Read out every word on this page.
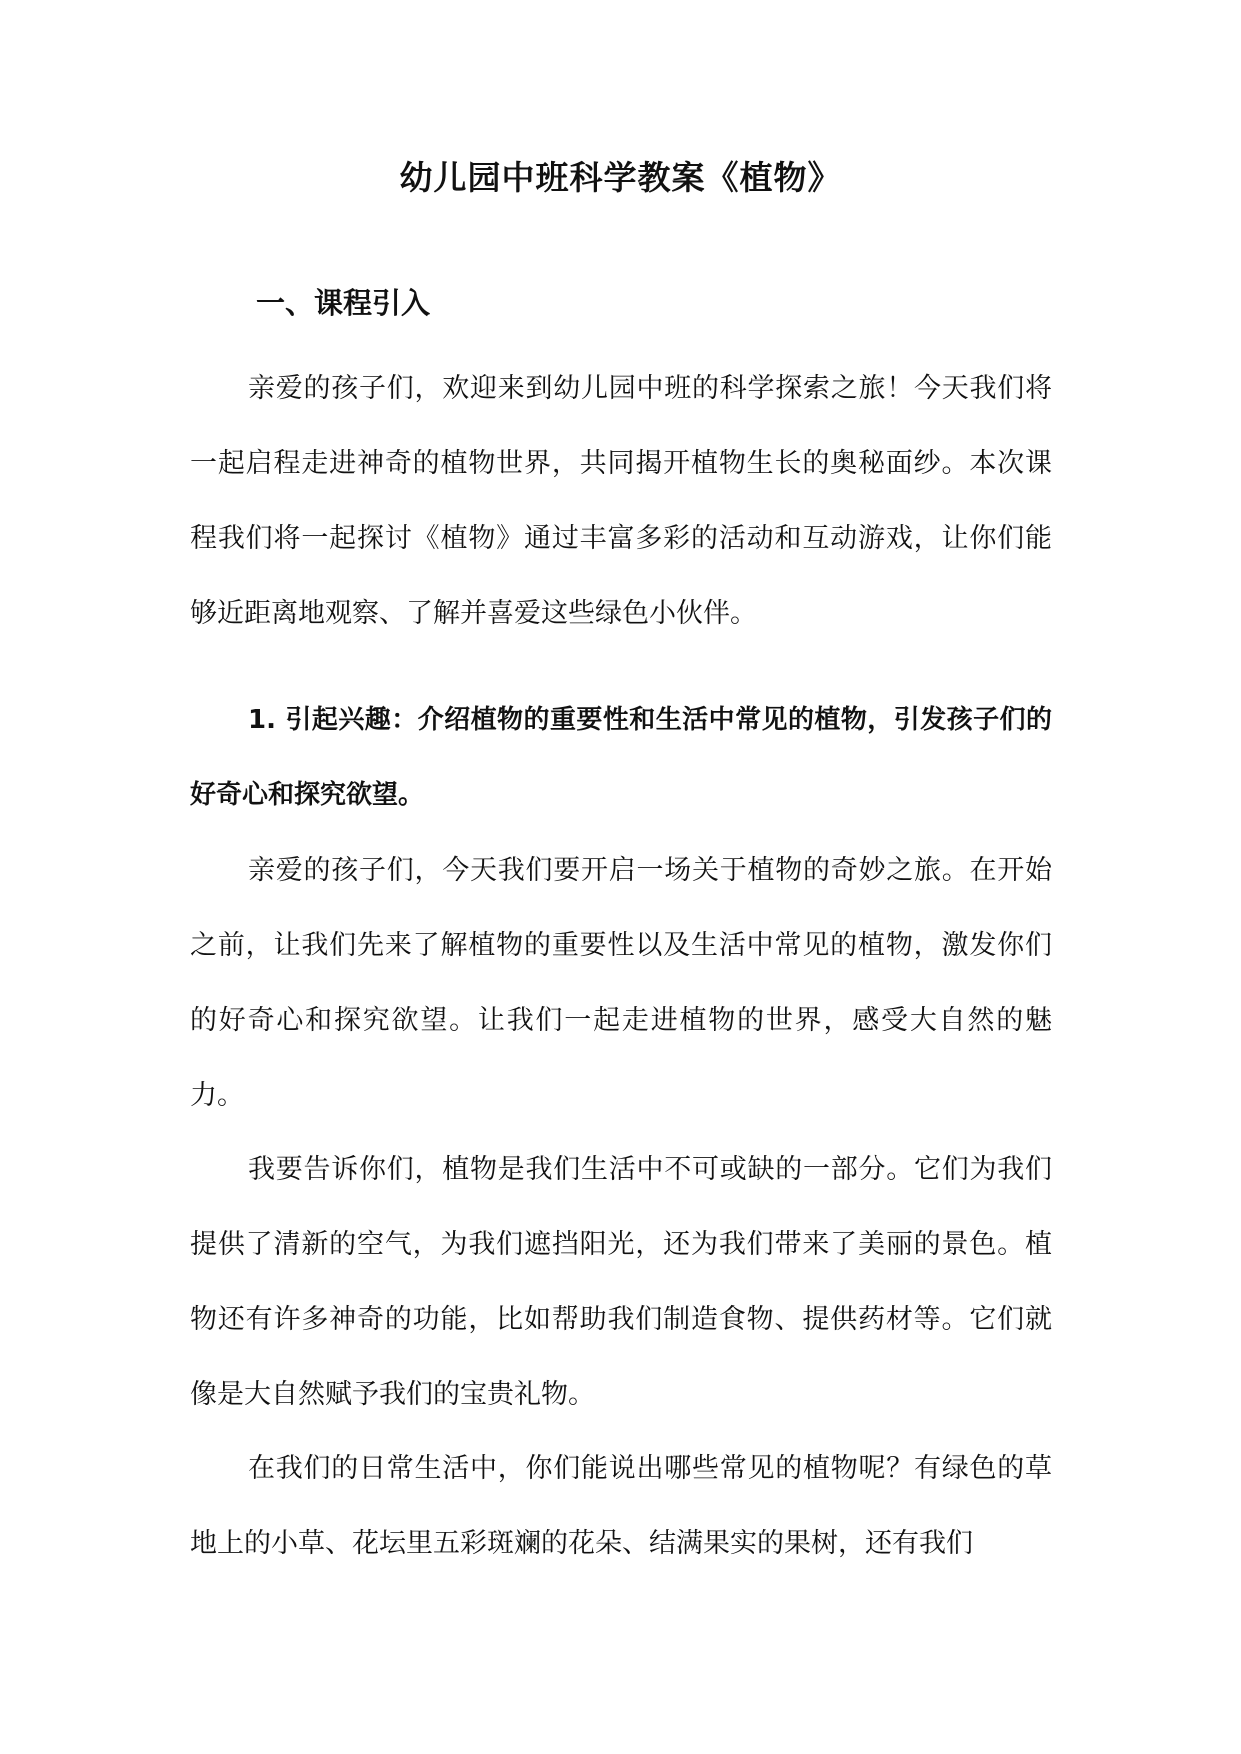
幼儿园中班科学教案《植物》
一、课程引入

亲爱的孩子们，欢迎来到幼儿园中班的科学探索之旅！今天我们将一起启程走进神奇的植物世界，共同揭开植物生长的奥秘面纱。本次课程我们将一起探讨《植物》通过丰富多彩的活动和互动游戏，让你们能够近距离地观察、了解并喜爱这些绿色小伙伴。

1. 引起兴趣：介绍植物的重要性和生活中常见的植物，引发孩子们的好奇心和探究欲望。

亲爱的孩子们，今天我们要开启一场关于植物的奇妙之旅。在开始之前，让我们先来了解植物的重要性以及生活中常见的植物，激发你们的好奇心和探究欲望。让我们一起走进植物的世界，感受大自然的魅力。

我要告诉你们，植物是我们生活中不可或缺的一部分。它们为我们提供了清新的空气，为我们遮挡阳光，还为我们带来了美丽的景色。植物还有许多神奇的功能，比如帮助我们制造食物、提供药材等。它们就像是大自然赋予我们的宝贵礼物。

在我们的日常生活中，你们能说出哪些常见的植物呢？有绿色的草地上的小草、花坛里五彩斑斓的花朵、结满果实的果树，还有我们
